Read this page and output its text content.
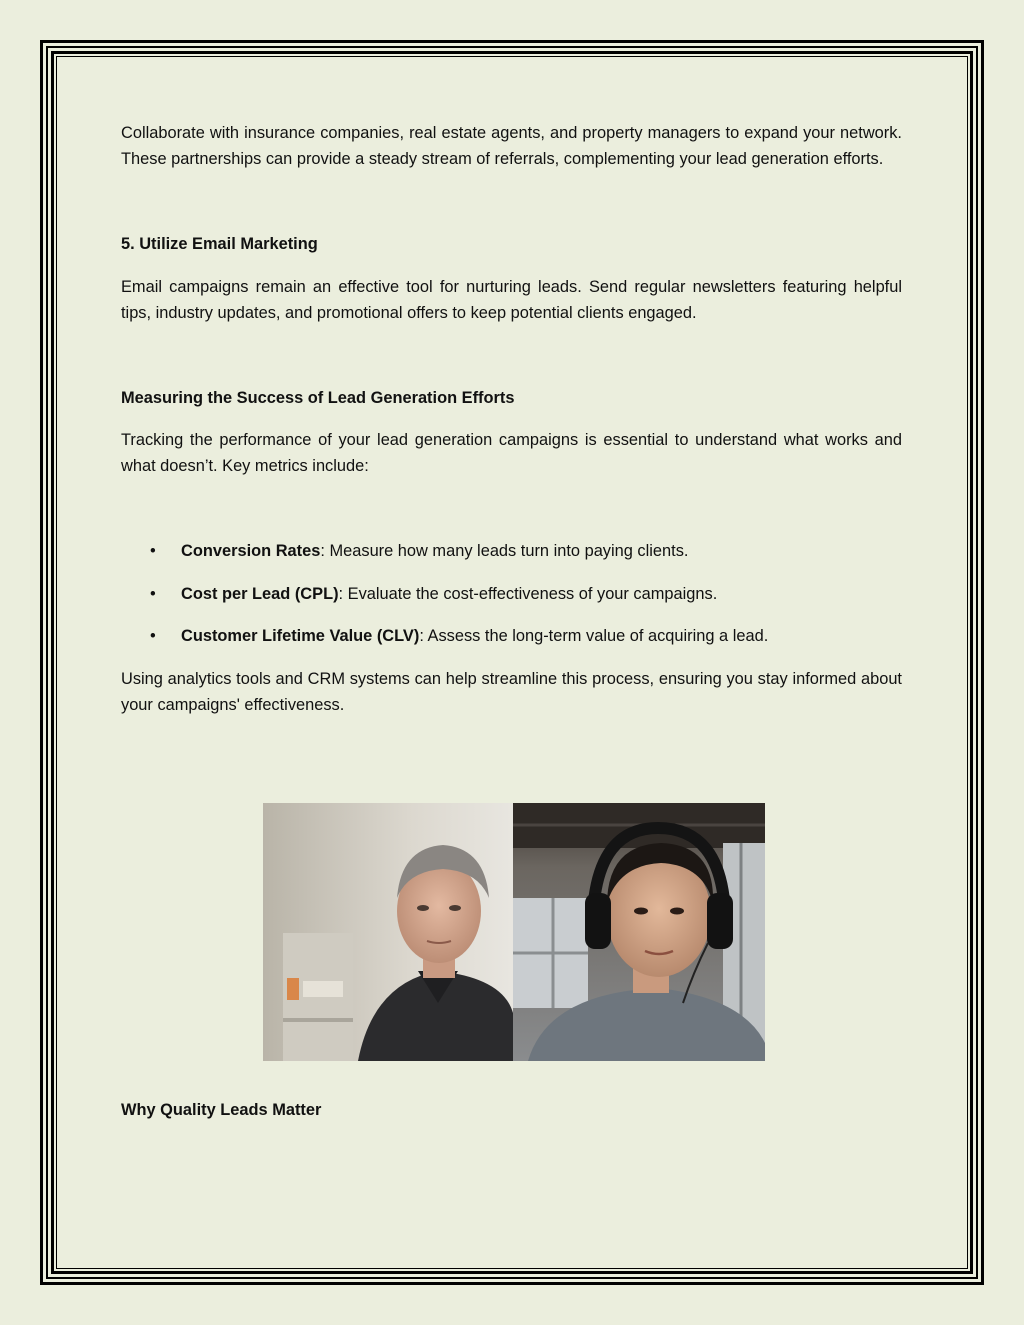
Collaborate with insurance companies, real estate agents, and property managers to expand your network. These partnerships can provide a steady stream of referrals, complementing your lead generation efforts.

5. Utilize Email Marketing

Email campaigns remain an effective tool for nurturing leads. Send regular newsletters featuring helpful tips, industry updates, and promotional offers to keep potential clients engaged.

Measuring the Success of Lead Generation Efforts

Tracking the performance of your lead generation campaigns is essential to understand what works and what doesn’t. Key metrics include:

• Conversion Rates: Measure how many leads turn into paying clients.
• Cost per Lead (CPL): Evaluate the cost-effectiveness of your campaigns.
• Customer Lifetime Value (CLV): Assess the long-term value of acquiring a lead.

Using analytics tools and CRM systems can help streamline this process, ensuring you stay informed about your campaigns' effectiveness.

Why Quality Leads Matter
